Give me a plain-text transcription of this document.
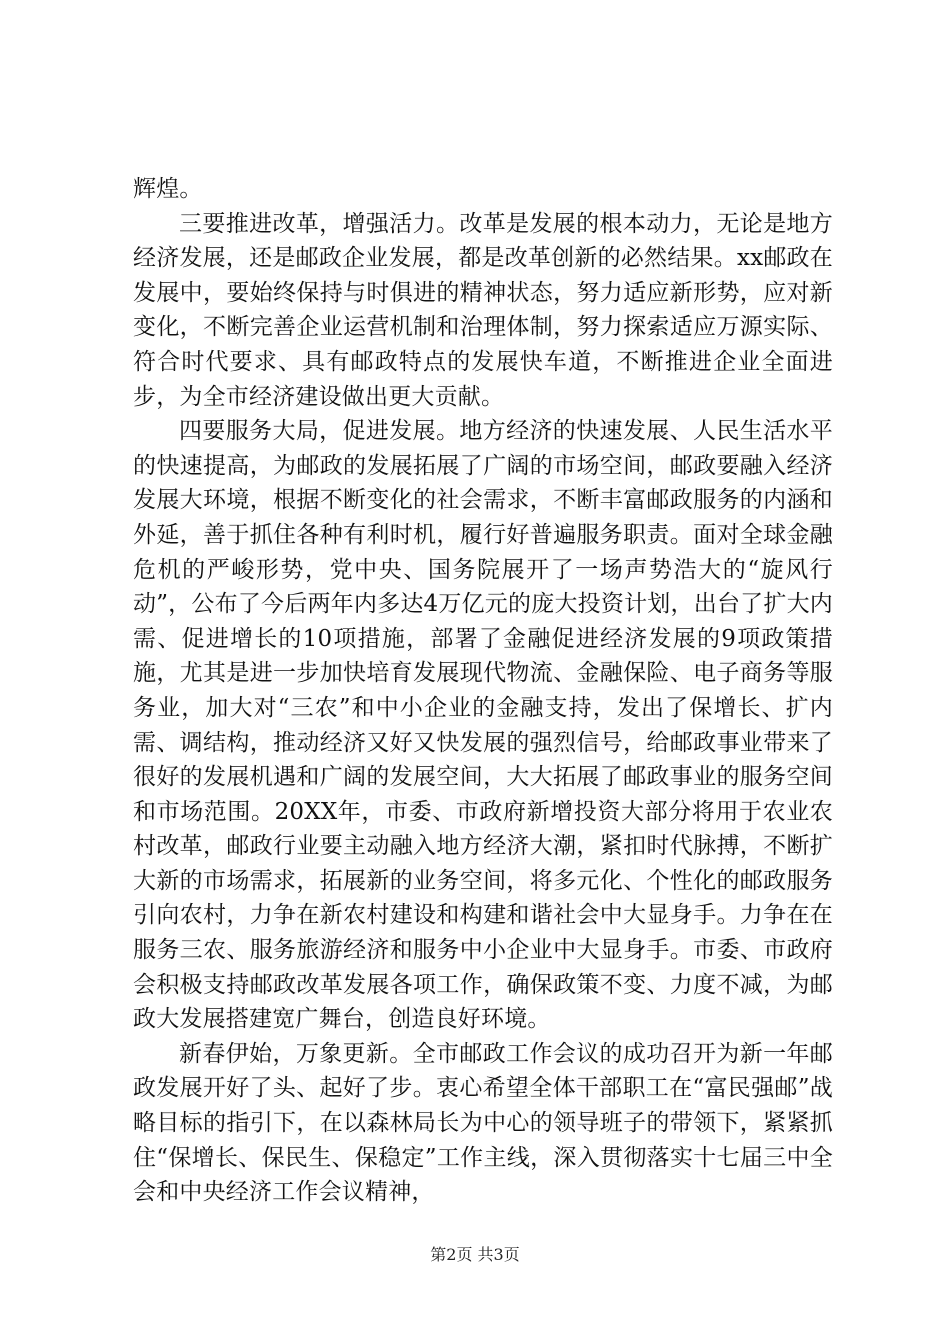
辉煌。

三要推进改革，增强活力。改革是发展的根本动力，无论是地方经济发展，还是邮政企业发展，都是改革创新的必然结果。xx邮政在发展中，要始终保持与时俱进的精神状态，努力适应新形势，应对新变化，不断完善企业运营机制和治理体制，努力探索适应万源实际、符合时代要求、具有邮政特点的发展快车道，不断推进企业全面进步，为全市经济建设做出更大贡献。

四要服务大局，促进发展。地方经济的快速发展、人民生活水平的快速提高，为邮政的发展拓展了广阔的市场空间，邮政要融入经济发展大环境，根据不断变化的社会需求，不断丰富邮政服务的内涵和外延，善于抓住各种有利时机，履行好普遍服务职责。面对全球金融危机的严峻形势，党中央、国务院展开了一场声势浩大的“旋风行动”，公布了今后两年内多达4万亿元的庞大投资计划，出台了扩大内需、促进增长的10项措施，部署了金融促进经济发展的9项政策措施，尤其是进一步加快培育发展现代物流、金融保险、电子商务等服务业，加大对“三农”和中小企业的金融支持，发出了保增长、扩内需、调结构，推动经济又好又快发展的强烈信号，给邮政事业带来了很好的发展机遇和广阔的发展空间，大大拓展了邮政事业的服务空间和市场范围。20XX年，市委、市政府新增投资大部分将用于农业农村改革，邮政行业要主动融入地方经济大潮，紧扣时代脉搏，不断扩大新的市场需求，拓展新的业务空间，将多元化、个性化的邮政服务引向农村，力争在新农村建设和构建和谐社会中大显身手。力争在在服务三农、服务旅游经济和服务中小企业中大显身手。市委、市政府会积极支持邮政改革发展各项工作，确保政策不变、力度不减，为邮政大发展搭建宽广舞台，创造良好环境。

新春伊始，万象更新。全市邮政工作会议的成功召开为新一年邮政发展开好了头、起好了步。衷心希望全体干部职工在“富民强邮”战略目标的指引下，在以森林局长为中心的领导班子的带领下，紧紧抓住“保增长、保民生、保稳定”工作主线，深入贯彻落实十七届三中全会和中央经济工作会议精神，

第2页 共3页
